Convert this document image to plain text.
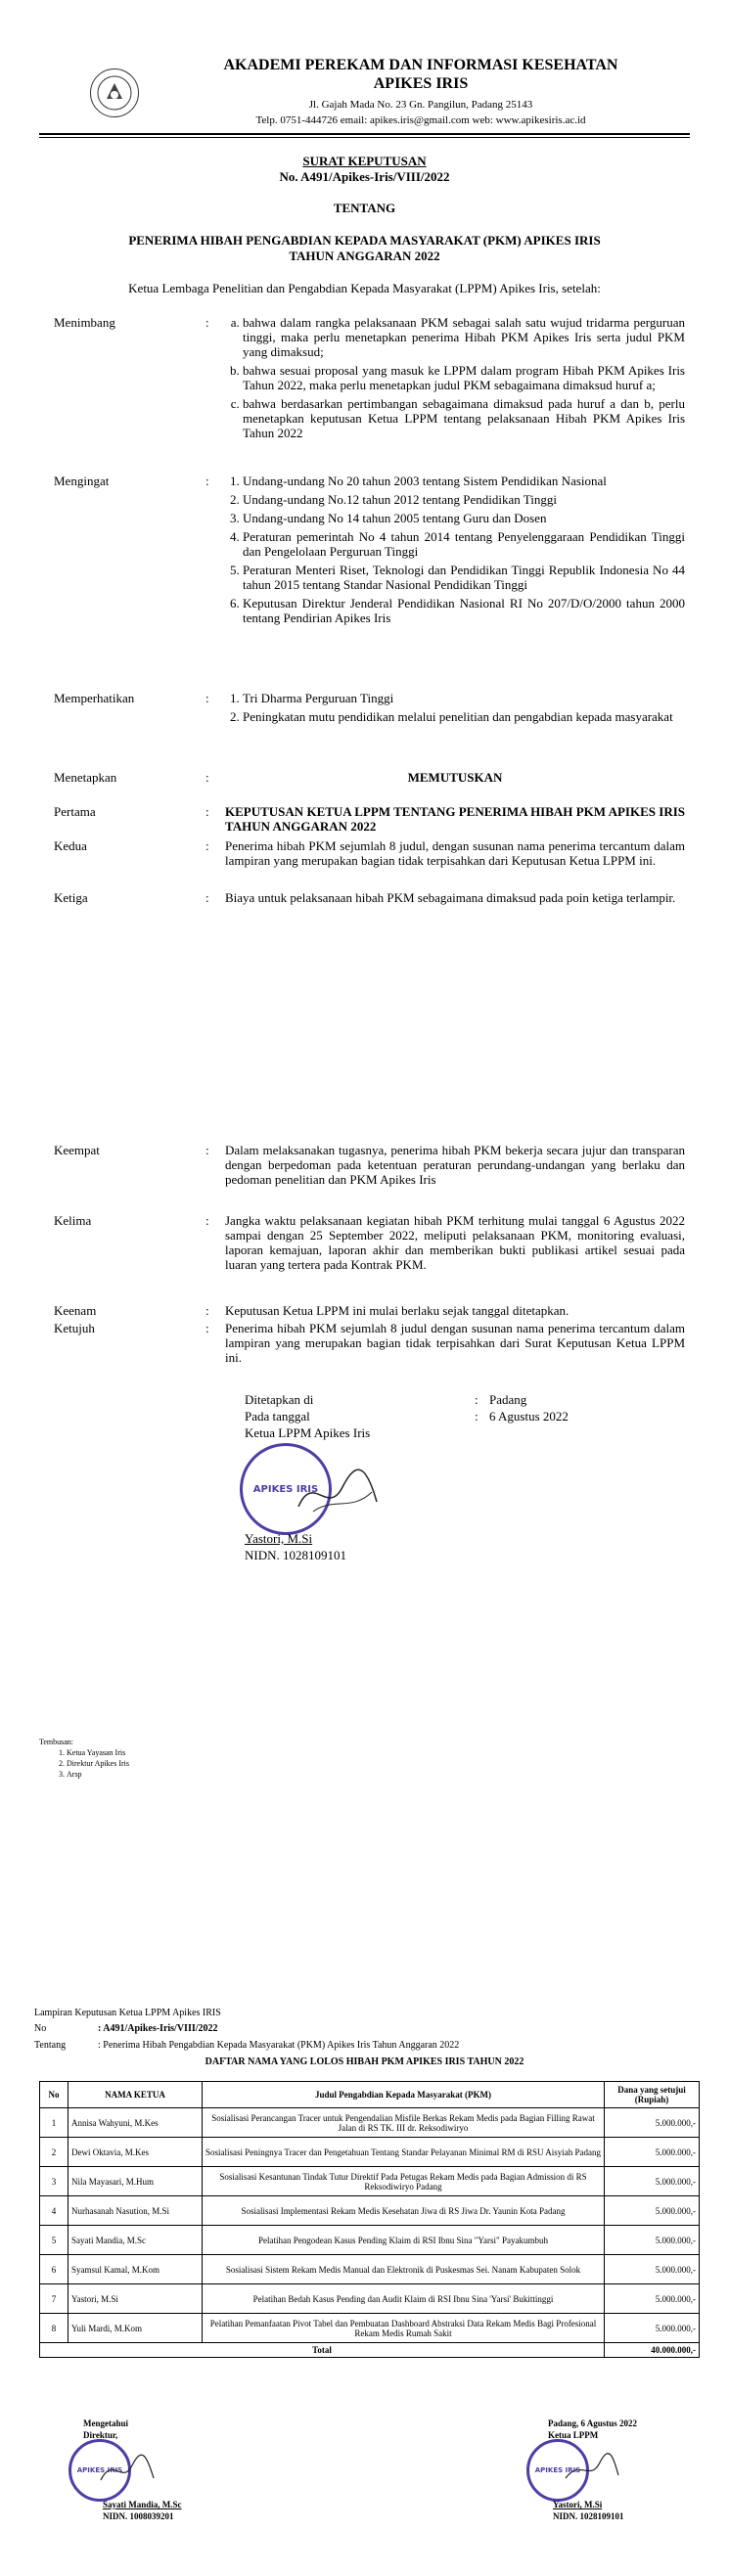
AKADEMI PEREKAM DAN INFORMASI KESEHATAN
APIKES IRIS
Jl. Gajah Mada No. 23 Gn. Pangilun, Padang 25143
Telp. 0751-444726 email: apikes.iris@gmail.com web: www.apikesiris.ac.id
SURAT KEPUTUSAN
No. A491/Apikes-Iris/VIII/2022
TENTANG
PENERIMA HIBAH PENGABDIAN KEPADA MASYARAKAT (PKM) APIKES IRIS
TAHUN ANGGARAN 2022
Ketua Lembaga Penelitian dan Pengabdian Kepada Masyarakat (LPPM) Apikes Iris, setelah:
Menimbang	:	a. bahwa dalam rangka pelaksanaan PKM sebagai salah satu wujud tridarma perguruan tinggi, maka perlu menetapkan penerima Hibah PKM Apikes Iris serta judul PKM yang dimaksud;
b. bahwa sesuai proposal yang masuk ke LPPM dalam program Hibah PKM Apikes Iris Tahun 2022, maka perlu menetapkan judul PKM sebagaimana dimaksud huruf a;
c. bahwa berdasarkan pertimbangan sebagaimana dimaksud pada huruf a dan b, perlu menetapkan keputusan Ketua LPPM tentang pelaksanaan Hibah PKM Apikes Iris Tahun 2022
Mengingat	:	1. Undang-undang No 20 tahun 2003 tentang Sistem Pendidikan Nasional
2. Undang-undang No.12 tahun 2012 tentang Pendidikan Tinggi
3. Undang-undang No 14 tahun 2005 tentang Guru dan Dosen
4. Peraturan pemerintah No 4 tahun 2014 tentang Penyelenggaraan Pendidikan Tinggi dan Pengelolaan Perguruan Tinggi
5. Peraturan Menteri Riset, Teknologi dan Pendidikan Tinggi Republik Indonesia No 44 tahun 2015 tentang Standar Nasional Pendidikan Tinggi
6. Keputusan Direktur Jenderal Pendidikan Nasional RI No 207/D/O/2000 tahun 2000 tentang Pendirian Apikes Iris
Memperhatikan	:	1. Tri Dharma Perguruan Tinggi
2. Peningkatan mutu pendidikan melalui penelitian dan pengabdian kepada masyarakat
Menetapkan	:	MEMUTUSKAN
Pertama	: KEPUTUSAN KETUA LPPM TENTANG PENERIMA HIBAH PKM APIKES IRIS TAHUN ANGGARAN 2022
Kedua	: Penerima hibah PKM sejumlah 8 judul, dengan susunan nama penerima tercantum dalam lampiran yang merupakan bagian tidak terpisahkan dari Keputusan Ketua LPPM ini.
Ketiga	: Biaya untuk pelaksanaan hibah PKM sebagaimana dimaksud pada poin ketiga terlampir.
Keempat	: Dalam melaksanakan tugasnya, penerima hibah PKM bekerja secara jujur dan transparan dengan berpedoman pada ketentuan peraturan perundang-undangan yang berlaku dan pedoman penelitian dan PKM Apikes Iris
Kelima	: Jangka waktu pelaksanaan kegiatan hibah PKM terhitung mulai tanggal 6 Agustus 2022 sampai dengan 25 September 2022, meliputi pelaksanaan PKM, monitoring evaluasi, laporan kemajuan, laporan akhir dan memberikan bukti publikasi artikel sesuai pada luaran yang tertera pada Kontrak PKM.
Keenam	: Keputusan Ketua LPPM ini mulai berlaku sejak tanggal ditetapkan.
Ketujuh	: Penerima hibah PKM sejumlah 8 judul dengan susunan nama penerima tercantum dalam lampiran yang merupakan bagian tidak terpisahkan dari Surat Keputusan Ketua LPPM ini.
Ditetapkan di	: Padang
Pada tanggal	: 6 Agustus 2022
Ketua LPPM Apikes Iris
APIKES IRIS
Yastori, M.Si
NIDN. 1028109101
Tembusan:
1. Ketua Yayasan Iris
2. Direktur Apikes Iris
3. Arsp
Lampiran Keputusan Ketua LPPM Apikes IRIS
No	: A491/Apikes-Iris/VIII/2022
Tentang	: Penerima Hibah Pengabdian Kepada Masyarakat (PKM) Apikes Iris Tahun Anggaran 2022
DAFTAR NAMA YANG LOLOS HIBAH PKM APIKES IRIS TAHUN 2022
No	NAMA KETUA	Judul Pengabdian Kepada Masyarakat (PKM)	Dana yang setujui (Rupiah)
1	Annisa Wahyuni, M.Kes	Sosialisasi Perancangan Tracer untuk Pengendalian Misfile Berkas Rekam Medis pada Bagian Filling Rawat Jalan di RS TK. III dr. Reksodiwiryo	5.000.000,-
2	Dewi Oktavia, M.Kes	Sosialisasi Peningnya Tracer dan Pengetahuan Tentang Standar Pelayanan Minimal RM di RSU Aisyiah Padang	5.000.000,-
3	Nila Mayasari, M.Hum	Sosialisasi Kesantunan Tindak Tutur Direktif Pada Petugas Rekam Medis pada Bagian Admission di RS Reksodiwiryo Padang	5.000.000,-
4	Nurhasanah Nasution, M.Si	Sosialisasi Implementasi Rekam Medis Kesehatan Jiwa di RS Jiwa Dr. Yaunin Kota Padang	5.000.000,-
5	Sayati Mandia, M.Sc	Pelatihan Pengodean Kasus Pending Klaim di RSI Ibnu Sina "Yarsi" Payakumbuh	5.000.000,-
6	Syamsul Kamal, M.Kom	Sosialisasi Sistem Rekam Medis Manual dan Elektronik di Puskesmas Sei. Nanam Kabupaten Solok	5.000.000,-
7	Yastori, M.Si	Pelatihan Bedah Kasus Pending dan Audit Klaim di RSI Ibnu Sina 'Yarsi' Bukittinggi	5.000.000,-
8	Yuli Mardi, M.Kom	Pelatihan Pemanfaatan Pivot Tabel dan Pembuatan Dashboard Abstraksi Data Rekam Medis Bagi Profesional Rekam Medis Rumah Sakit	5.000.000,-
Total			40.000.000,-
Mengetahui
Direktur,
APIKES IRIS
Sayati Mandia, M.Sc
NIDN. 1008039201
Padang, 6 Agustus 2022
Ketua LPPM
APIKES IRIS
Yastori, M.Si
NIDN. 1028109101
